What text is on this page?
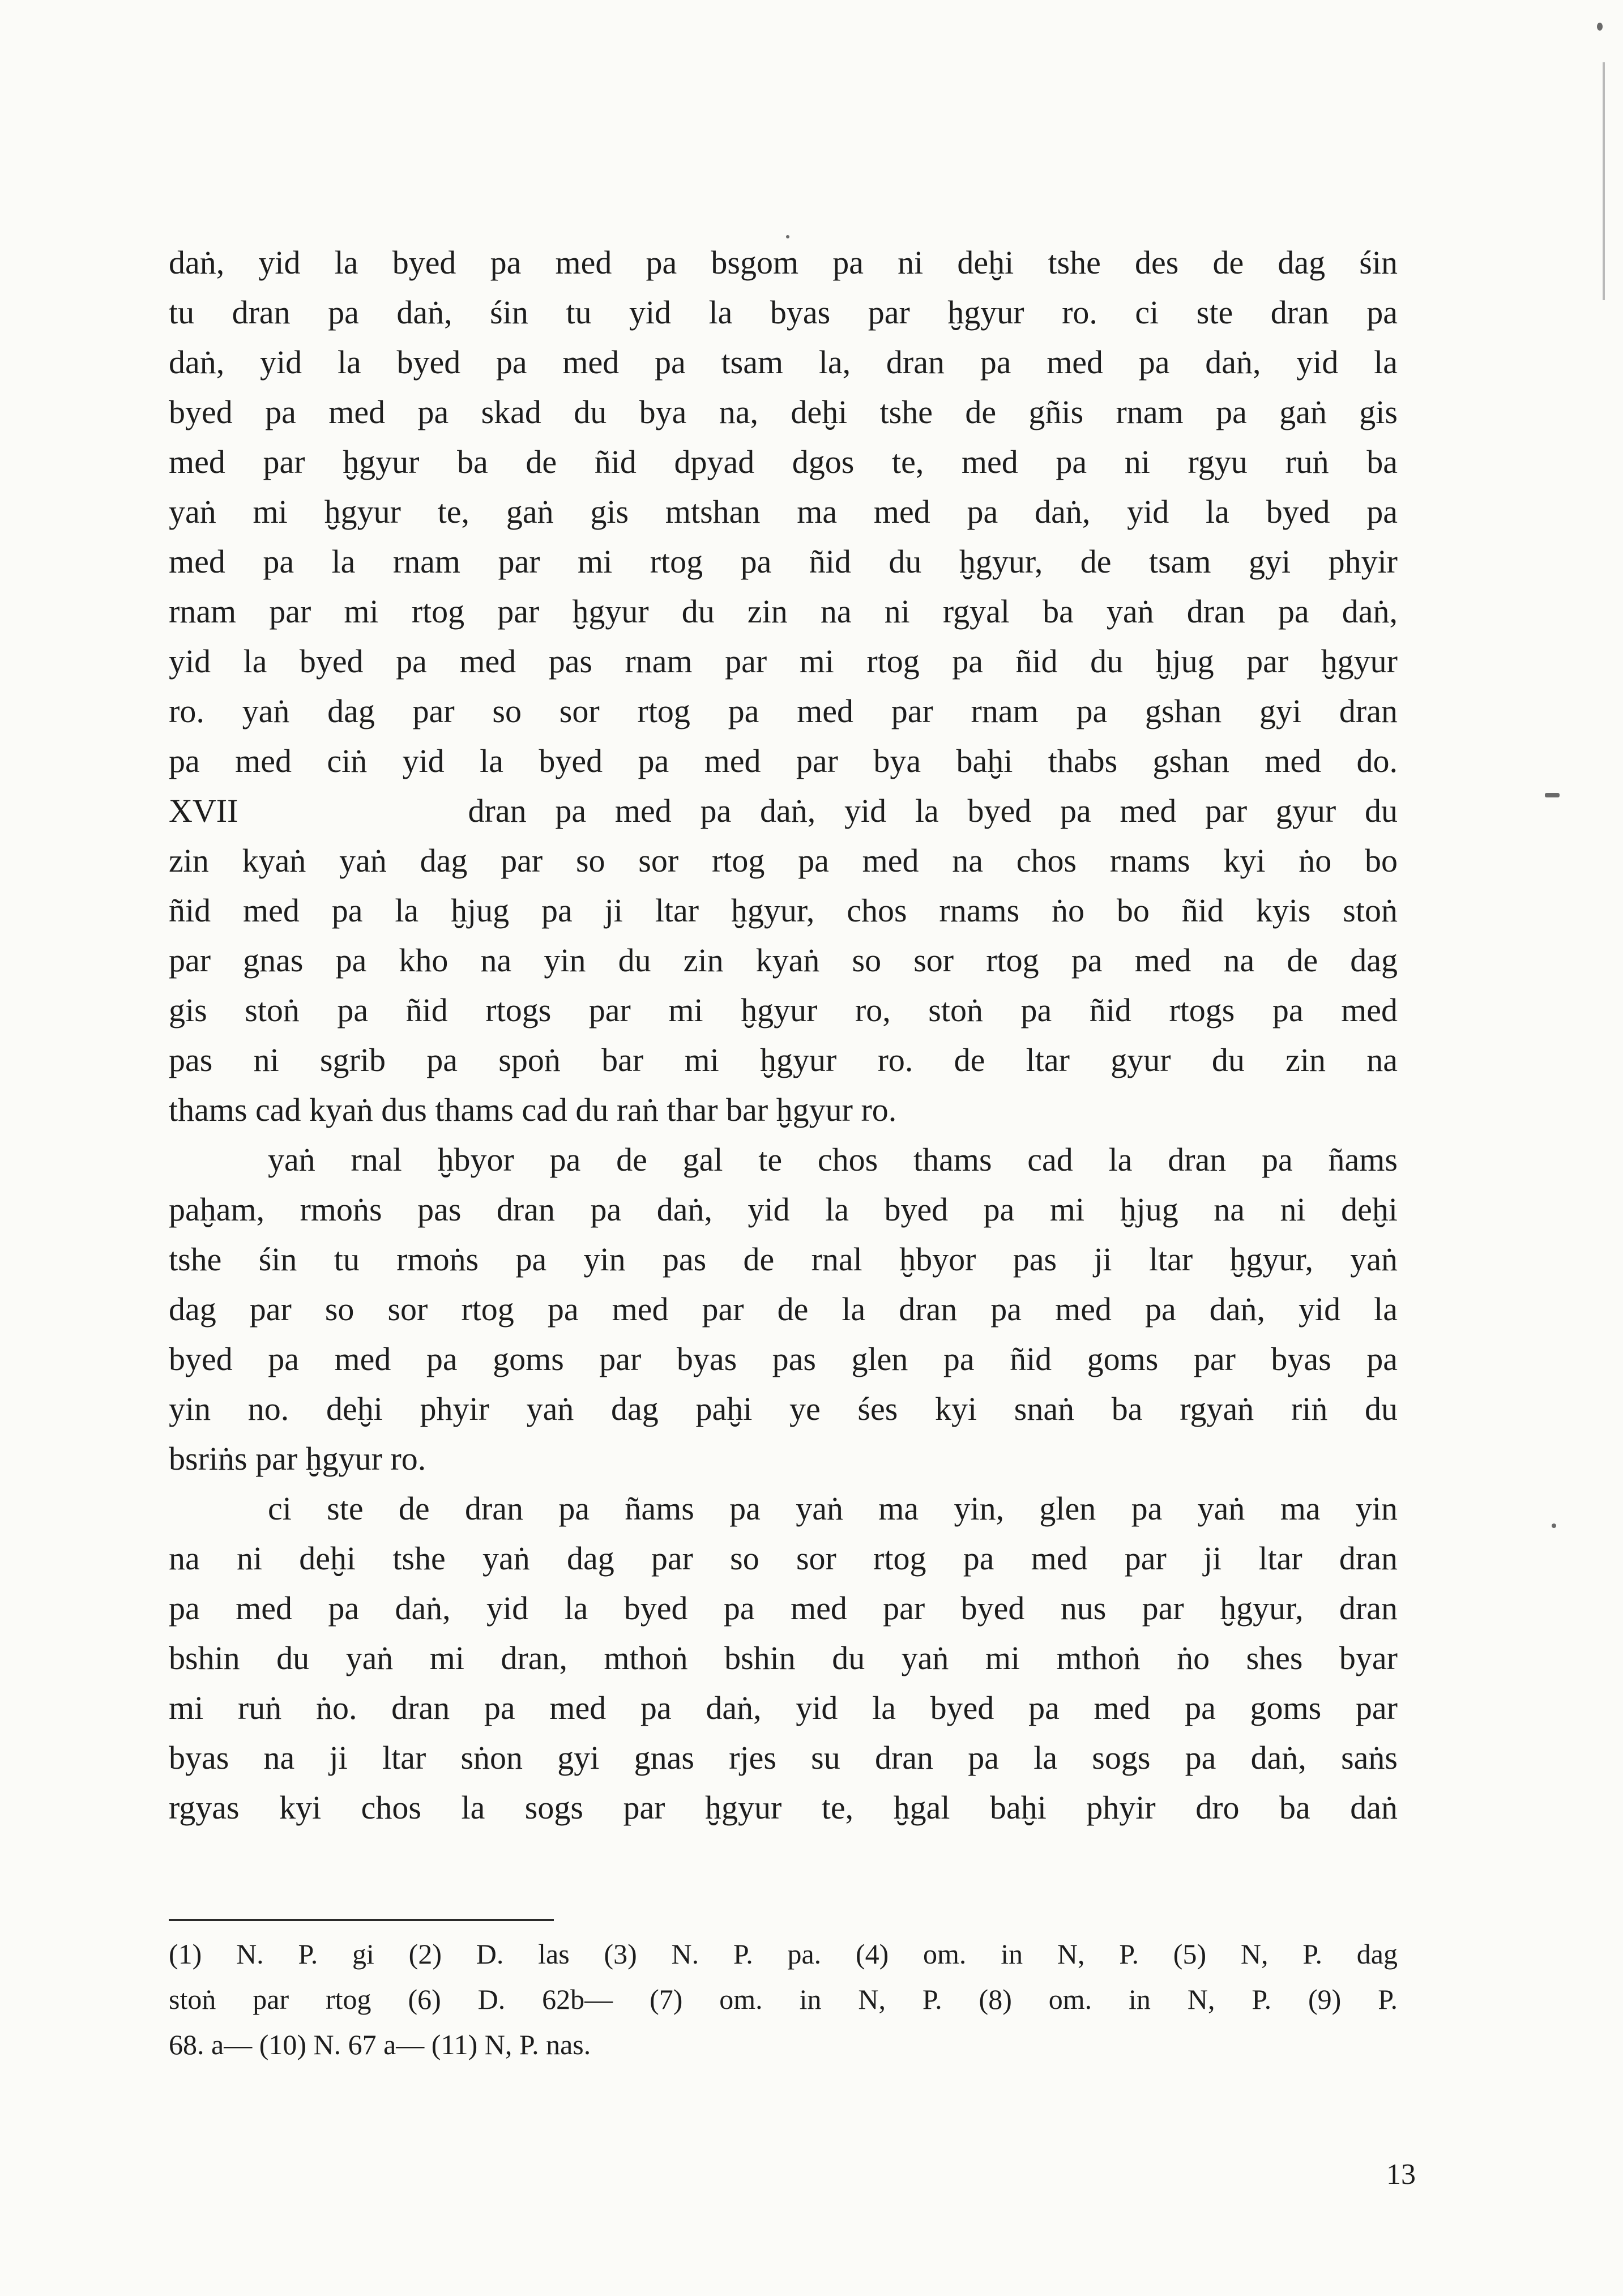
daṅ, yid la byed pa med pa bsgom pa ni deḫi tshe des de dag śin
tu dran pa daṅ, śin tu yid la byas par ḫgyur ro. ci ste dran pa
daṅ, yid la byed pa med pa tsam la, dran pa med pa daṅ, yid la
byed pa med pa skad du bya na, deḫi tshe de gñis rnam pa gaṅ gis
med par ḫgyur ba de ñid dpyad dgos te, med pa ni rgyu ruṅ ba
yaṅ mi ḫgyur te, gaṅ gis mtshan ma med pa daṅ, yid la byed pa
med pa la rnam par mi rtog pa ñid du ḫgyur, de tsam gyi phyir
rnam par mi rtog par ḫgyur du zin na ni rgyal ba yaṅ dran pa daṅ,
yid la byed pa med pas rnam par mi rtog pa ñid du ḫjug par ḫgyur
ro. yaṅ dag par so sor rtog pa med par rnam pa gshan gyi dran
pa med ciṅ yid la byed pa med par bya baḫi thabs gshan med do.
XVII        dran pa med pa daṅ, yid la byed pa med par gyur du
zin kyaṅ yaṅ dag par so sor rtog pa med na chos rnams kyi ṅo bo
ñid med pa la ḫjug pa ji ltar ḫgyur, chos rnams ṅo bo ñid kyis stoṅ
par gnas pa kho na yin du zin kyaṅ so sor rtog pa med na de dag
gis stoṅ pa ñid rtogs par mi ḫgyur ro, stoṅ pa ñid rtogs pa med
pas ni sgrib pa spoṅ bar mi ḫgyur ro. de ltar gyur du zin na
thams cad kyaṅ dus thams cad du raṅ thar bar ḫgyur ro.
yaṅ rnal ḫbyor pa de gal te chos thams cad la dran pa ñams
paḫam, rmoṅs pas dran pa daṅ, yid la byed pa mi ḫjug na ni deḫi
tshe śin tu rmoṅs pa yin pas de rnal ḫbyor pas ji ltar ḫgyur, yaṅ
dag par so sor rtog pa med par de la dran pa med pa daṅ, yid la
byed pa med pa goms par byas pas glen pa ñid goms par byas pa
yin no. deḫi phyir yaṅ dag paḫi ye śes kyi snaṅ ba rgyaṅ riṅ du
bsriṅs par ḫgyur ro.
ci ste de dran pa ñams pa yaṅ ma yin, glen pa yaṅ ma yin
na ni deḫi tshe yaṅ dag par so sor rtog pa med par ji ltar dran
pa med pa daṅ, yid la byed pa med par byed nus par ḫgyur, dran
bshin du yaṅ mi dran, mthoṅ bshin du yaṅ mi mthoṅ ṅo shes byar
mi ruṅ ṅo. dran pa med pa daṅ, yid la byed pa med pa goms par
byas na ji ltar sṅon gyi gnas rjes su dran pa la sogs pa daṅ, saṅs
rgyas kyi chos la sogs par ḫgyur te, ḫgal baḫi phyir dro ba daṅ
(1) N. P. gi (2) D. las (3) N. P. pa. (4) om. in N, P. (5) N, P. dag
stoṅ par rtog (6) D. 62b— (7) om. in N, P. (8) om. in N, P. (9) P.
68. a— (10) N. 67 a— (11) N, P. nas.
13
